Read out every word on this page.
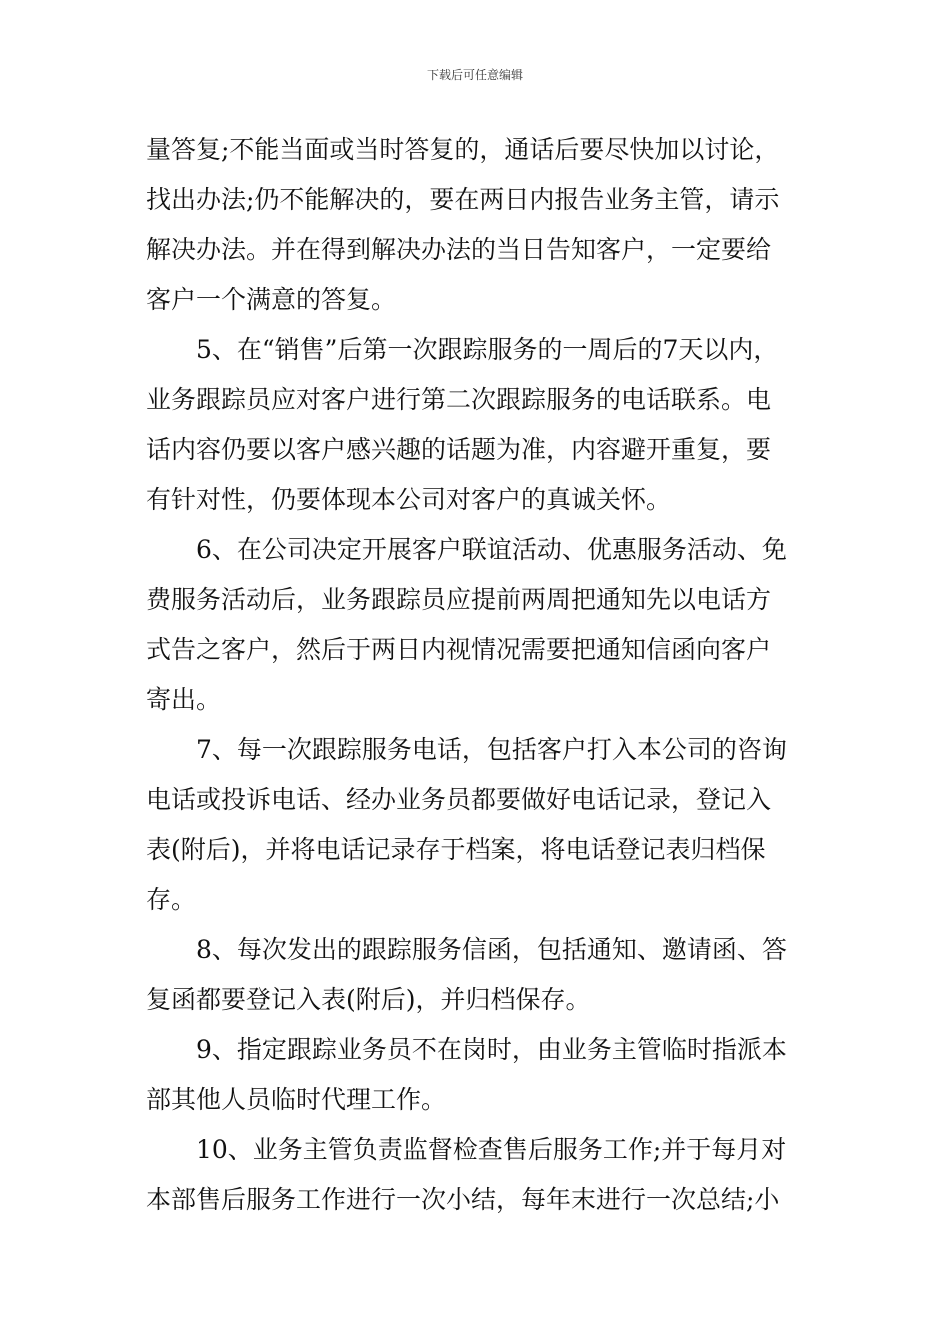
下载后可任意编辑
量答复;不能当面或当时答复的，通话后要尽快加以讨论，
找出办法;仍不能解决的，要在两日内报告业务主管，请示
解决办法。并在得到解决办法的当日告知客户，一定要给
客户一个满意的答复。
5、在“销售”后第一次跟踪服务的一周后的7天以内，
业务跟踪员应对客户进行第二次跟踪服务的电话联系。电
话内容仍要以客户感兴趣的话题为准，内容避开重复，要
有针对性，仍要体现本公司对客户的真诚关怀。
6、在公司决定开展客户联谊活动、优惠服务活动、免
费服务活动后，业务跟踪员应提前两周把通知先以电话方
式告之客户，然后于两日内视情况需要把通知信函向客户
寄出。
7、每一次跟踪服务电话，包括客户打入本公司的咨询
电话或投诉电话、经办业务员都要做好电话记录，登记入
表(附后)，并将电话记录存于档案，将电话登记表归档保
存。
8、每次发出的跟踪服务信函，包括通知、邀请函、答
复函都要登记入表(附后)，并归档保存。
9、指定跟踪业务员不在岗时，由业务主管临时指派本
部其他人员临时代理工作。
10、业务主管负责监督检查售后服务工作;并于每月对
本部售后服务工作进行一次小结，每年末进行一次总结;小
